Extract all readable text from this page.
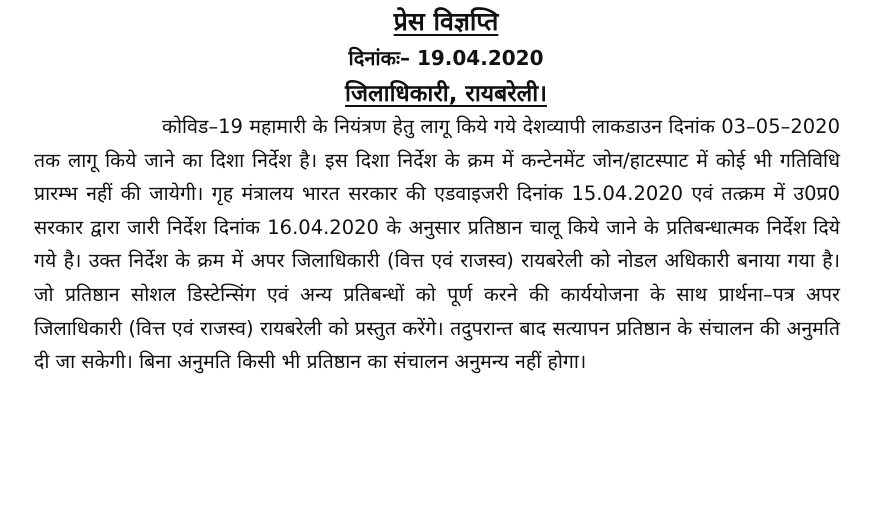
प्रेस विज्ञप्ति
दिनांकः– 19.04.2020
जिलाधिकारी, रायबरेली।

कोविड–19 महामारी के नियंत्रण हेतु लागू किये गये देशव्यापी लाकडाउन दिनांक 03–05–2020 तक लागू किये जाने का दिशा निर्देश है। इस दिशा निर्देश के क्रम में कन्टेनमेंट जोन/हाटस्पाट में कोई भी गतिविधि प्रारम्भ नहीं की जायेगी। गृह मंत्रालय भारत सरकार की एडवाइजरी दिनांक 15.04.2020 एवं तत्क्रम में उ0प्र0 सरकार द्वारा जारी निर्देश दिनांक 16.04.2020 के अनुसार प्रतिष्ठान चालू किये जाने के प्रतिबन्धात्मक निर्देश दिये गये है। उक्त निर्देश के क्रम में अपर जिलाधिकारी (वित्त एवं राजस्व) रायबरेली को नोडल अधिकारी बनाया गया है। जो प्रतिष्ठान सोशल डिस्टेन्सिंग एवं अन्य प्रतिबन्धों को पूर्ण करने की कार्ययोजना के साथ प्रार्थना–पत्र अपर जिलाधिकारी (वित्त एवं राजस्व) रायबरेली को प्रस्तुत करेंगे। तदुपरान्त बाद सत्यापन प्रतिष्ठान के संचालन की अनुमति दी जा सकेगी। बिना अनुमति किसी भी प्रतिष्ठान का संचालन अनुमन्य नहीं होगा।
